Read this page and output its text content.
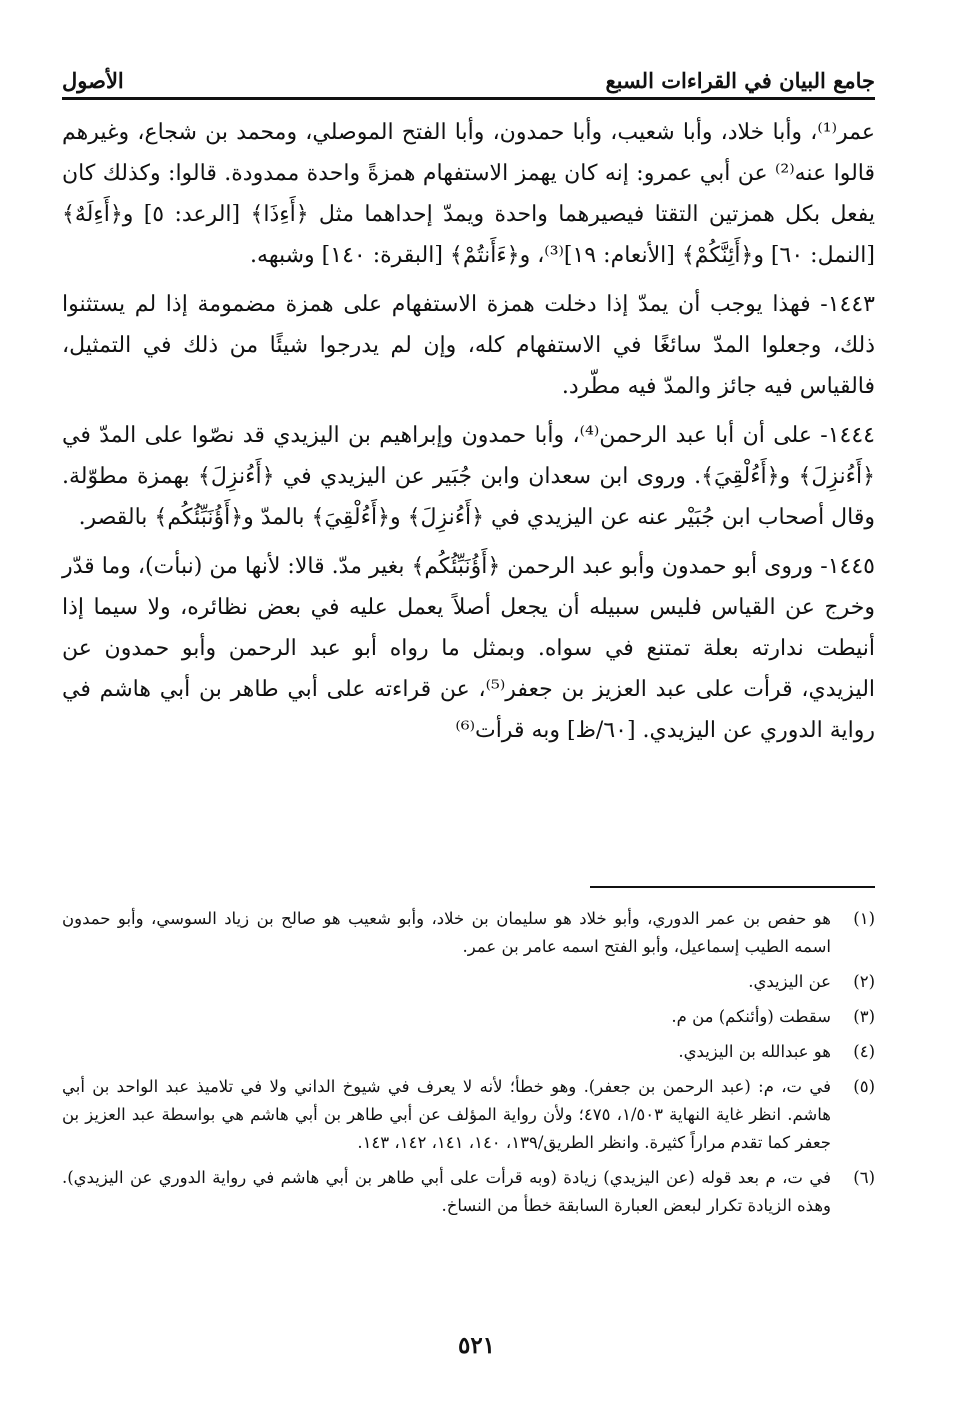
الأصول	جامع البيان في القراءات السبع

عمر⁽¹⁾، وأبا خلاد، وأبا شعيب، وأبا حمدون، وأبا الفتح الموصلي، ومحمد بن شجاع، وغيرهم قالوا عنه⁽²⁾ عن أبي عمرو: إنه كان يهمز الاستفهام همزةً واحدة ممدودة. قالوا: وكذلك كان يفعل بكل همزتين التقتا فيصيرهما واحدة ويمدّ إحداهما مثل ﴿أَءِذَا﴾ [الرعد: ٥] و﴿أَءِلَهٌ﴾ [النمل: ٦٠] و﴿أَئِنَّكُمْ﴾ [الأنعام: ١٩]⁽³⁾، و﴿ءَأَنتُمْ﴾ [البقرة: ١٤٠] وشبهه.

١٤٤٣- فهذا يوجب أن يمدّ إذا دخلت همزة الاستفهام على همزة مضمومة إذا لم يستثنوا ذلك، وجعلوا المدّ سائغًا في الاستفهام كله، وإن لم يدرجوا شيئًا من ذلك في التمثيل، فالقياس فيه جائز والمدّ فيه مطّرد.

١٤٤٤- على أن أبا عبد الرحمن⁽⁴⁾، وأبا حمدون وإبراهيم بن اليزيدي قد نصّوا على المدّ في ﴿أَءُنزِلَ﴾ و﴿أَءُلْقِيَ﴾. وروى ابن سعدان وابن جُبَير عن اليزيدي في ﴿أَءُنزِلَ﴾ بهمزة مطوّلة. وقال أصحاب ابن جُبَيْر عنه عن اليزيدي في ﴿أَءُنزِلَ﴾ و﴿أَءُلْقِيَ﴾ بالمدّ و﴿أَؤُنَبِّئُكُم﴾ بالقصر.

١٤٤٥- وروى أبو حمدون وأبو عبد الرحمن ﴿أَؤُنَبِّئُكُم﴾ بغير مدّ. قالا: لأنها من (نبأت)، وما قدّر وخرج عن القياس فليس سبيله أن يجعل أصلاً يعمل عليه في بعض نظائره، ولا سيما إذا أنيطت ندارته بعلة تمتنع في سواه. وبمثل ما رواه أبو عبد الرحمن وأبو حمدون عن اليزيدي، قرأت على عبد العزيز بن جعفر⁽⁵⁾، عن قراءته على أبي طاهر بن أبي هاشم في رواية الدوري عن اليزيدي. [٦٠/ظ] وبه قرأت⁽⁶⁾

(١)
هو حفص بن عمر الدوري، وأبو خلاد هو سليمان بن خلاد، وأبو شعيب هو صالح بن زياد السوسي، وأبو حمدون اسمه الطيب إسماعيل، وأبو الفتح اسمه عامر بن عمر.
(٢)
عن اليزيدي.
(٣)
سقطت (وأئنكم) من م.
(٤)
هو عبدالله بن اليزيدي.
(٥)
في ت، م: (عبد الرحمن بن جعفر). وهو خطأ؛ لأنه لا يعرف في شيوخ الداني ولا في تلاميذ عبد الواحد بن أبي هاشم. انظر غاية النهاية ١/٥٠٣، ٤٧٥؛ ولأن رواية المؤلف عن أبي طاهر بن أبي هاشم هي بواسطة عبد العزيز بن جعفر كما تقدم مراراً كثيرة. وانظر الطريق/١٣٩، ١٤٠، ١٤١، ١٤٢، ١٤٣.
(٦)
في ت، م بعد قوله (عن اليزيدي) زيادة (وبه قرأت على أبي طاهر بن أبي هاشم في رواية الدوري عن اليزيدي). وهذه الزيادة تكرار لبعض العبارة السابقة خطأ من النساخ.
٥٢١
